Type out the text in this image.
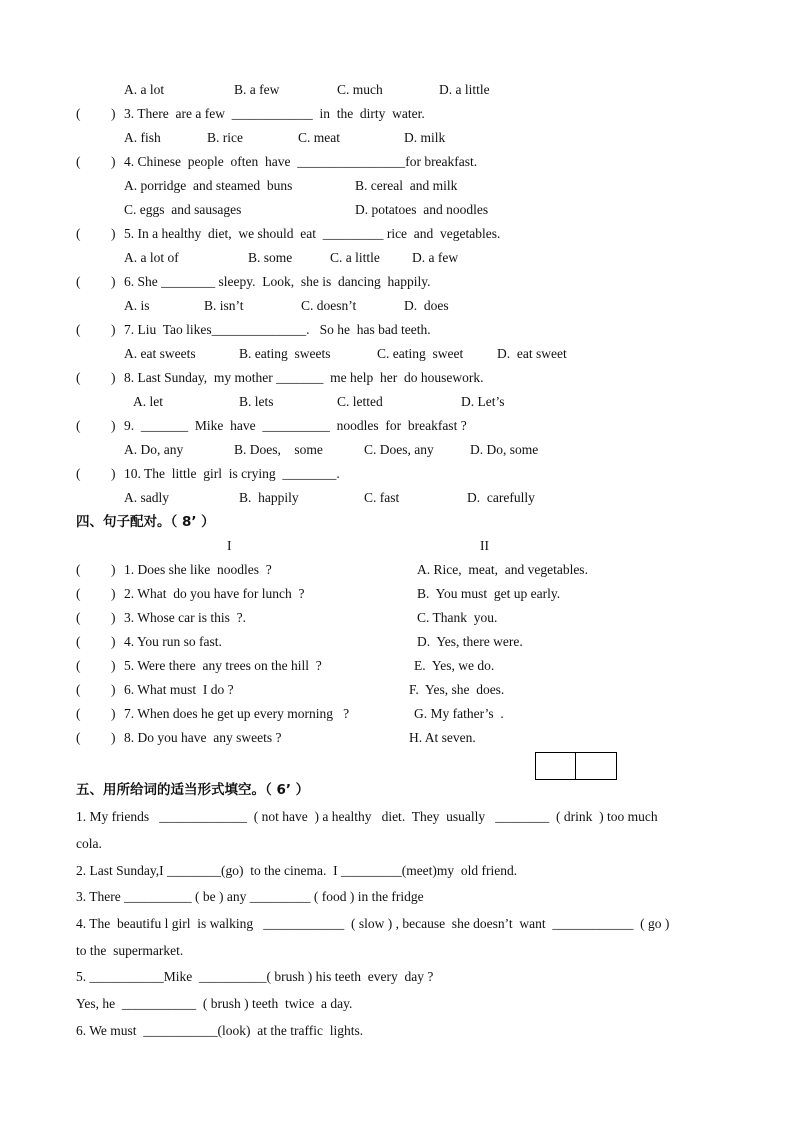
A. a lot	B. a few	C. much	D. a little
( ) 3. There  are a few  ____________  in  the  dirty  water.
A. fish	B. rice	C. meat	D. milk
( ) 4. Chinese  people  often  have  ________________for breakfast.
A. porridge  and steamed  buns	B. cereal  and milk
C. eggs  and sausages	D. potatoes  and noodles
( ) 5. In a healthy  diet,  we should  eat  _________ rice  and  vegetables.
A. a lot of	B. some	C. a little D. a few
( ) 6. She ________ sleepy.  Look,  she is  dancing  happily.
A. is	B. isn’t	C. doesn’t	D.  does
( ) 7. Liu  Tao likes______________.   So he  has bad teeth.
A. eat sweets	B. eating  sweets	C. eating  sweet	D.  eat sweet
( ) 8. Last Sunday,  my mother _______  me help  her  do housework.
A. let	B. lets	C. letted	D. Let’s
( ) 9.  _______  Mike  have  __________  noodles  for  breakfast ?
A. Do, any	B. Does,    some	C. Does, any	D. Do, some
( ) 10. The  little  girl  is crying  ________.
A. sadly	B.  happily	C. fast	D.  carefully
四、句子配对。（ 8’ ）
I	II
( ) 1. Does she like  noodles  ?	A. Rice,  meat,  and vegetables.
( ) 2. What  do you have for lunch  ?	B.  You must  get up early.
( ) 3. Whose car is this  ?.	C. Thank  you.
( ) 4. You run so fast.	D.  Yes, there were.
( ) 5. Were there  any trees on the hill  ?	E.  Yes, we do.
( ) 6. What must  I do ?	F.  Yes, she  does.
( ) 7. When does he get up every morning   ?	G. My father’s  .
( ) 8. Do you have  any sweets ?	H. At seven.
五、用所给词的适当形式填空。（ 6’ ）
1. My friends   _____________  ( not have  ) a healthy   diet.  They  usually   ________  ( drink  ) too much
cola.
2. Last Sunday,I ________(go)  to the cinema.  I _________(meet)my  old friend.
3. There __________ ( be ) any _________ ( food ) in the fridge
4. The  beautifu l girl  is walking   ____________  ( slow ) , because  she doesn’t  want  ____________  ( go )
to the  supermarket.
5. ___________Mike  __________( brush ) his teeth  every  day ?
Yes, he  ___________  ( brush ) teeth  twice  a day.
6. We must  ___________(look)  at the traffic  lights.
